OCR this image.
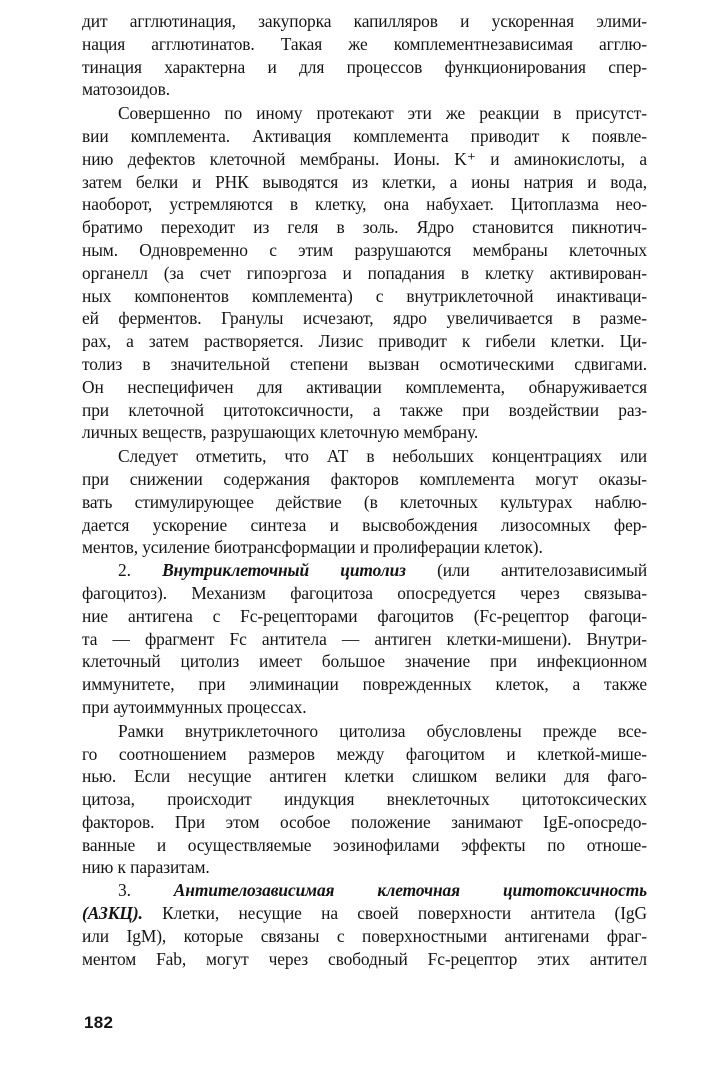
дит агглютинация, закупорка капилляров и ускоренная элими-
нация агглютинатов. Такая же комплементнезависимая агглю-
тинация характерна и для процессов функционирования спер-
матозоидов.
Совершенно по иному протекают эти же реакции в присутст-
вии комплемента. Активация комплемента приводит к появле-
нию дефектов клеточной мембраны. Ионы. K⁺ и аминокислоты, а
затем белки и РНК выводятся из клетки, а ионы натрия и вода,
наоборот, устремляются в клетку, она набухает. Цитоплазма нео-
братимо переходит из геля в золь. Ядро становится пикнотич-
ным. Одновременно с этим разрушаются мембраны клеточных
органелл (за счет гипоэргоза и попадания в клетку активирован-
ных компонентов комплемента) с внутриклеточной инактиваци-
ей ферментов. Гранулы исчезают, ядро увеличивается в разме-
рах, а затем растворяется. Лизис приводит к гибели клетки. Ци-
толиз в значительной степени вызван осмотическими сдвигами.
Он неспецифичен для активации комплемента, обнаруживается
при клеточной цитотоксичности, а также при воздействии раз-
личных веществ, разрушающих клеточную мембрану.
Следует отметить, что АТ в небольших концентрациях или
при снижении содержания факторов комплемента могут оказы-
вать стимулирующее действие (в клеточных культурах наблю-
дается ускорение синтеза и высвобождения лизосомных фер-
ментов, усиление биотрансформации и пролиферации клеток).
2. Внутриклеточный цитолиз (или антителозависимый
фагоцитоз). Механизм фагоцитоза опосредуется через связыва-
ние антигена с Fc-рецепторами фагоцитов (Fc-рецептор фагоци-
та — фрагмент Fc антитела — антиген клетки-мишени). Внутри-
клеточный цитолиз имеет большое значение при инфекционном
иммунитете, при элиминации поврежденных клеток, а также
при аутоиммунных процессах.
Рамки внутриклеточного цитолиза обусловлены прежде все-
го соотношением размеров между фагоцитом и клеткой-мише-
нью. Если несущие антиген клетки слишком велики для фаго-
цитоза, происходит индукция внеклеточных цитотоксических
факторов. При этом особое положение занимают IgE-опосредо-
ванные и осуществляемые эозинофилами эффекты по отноше-
нию к паразитам.
3. Антителозависимая клеточная цитотоксичность
(АЗКЦ). Клетки, несущие на своей поверхности антитела (IgG
или IgM), которые связаны с поверхностными антигенами фраг-
ментом Fab, могут через свободный Fc-рецептор этих антител
182
